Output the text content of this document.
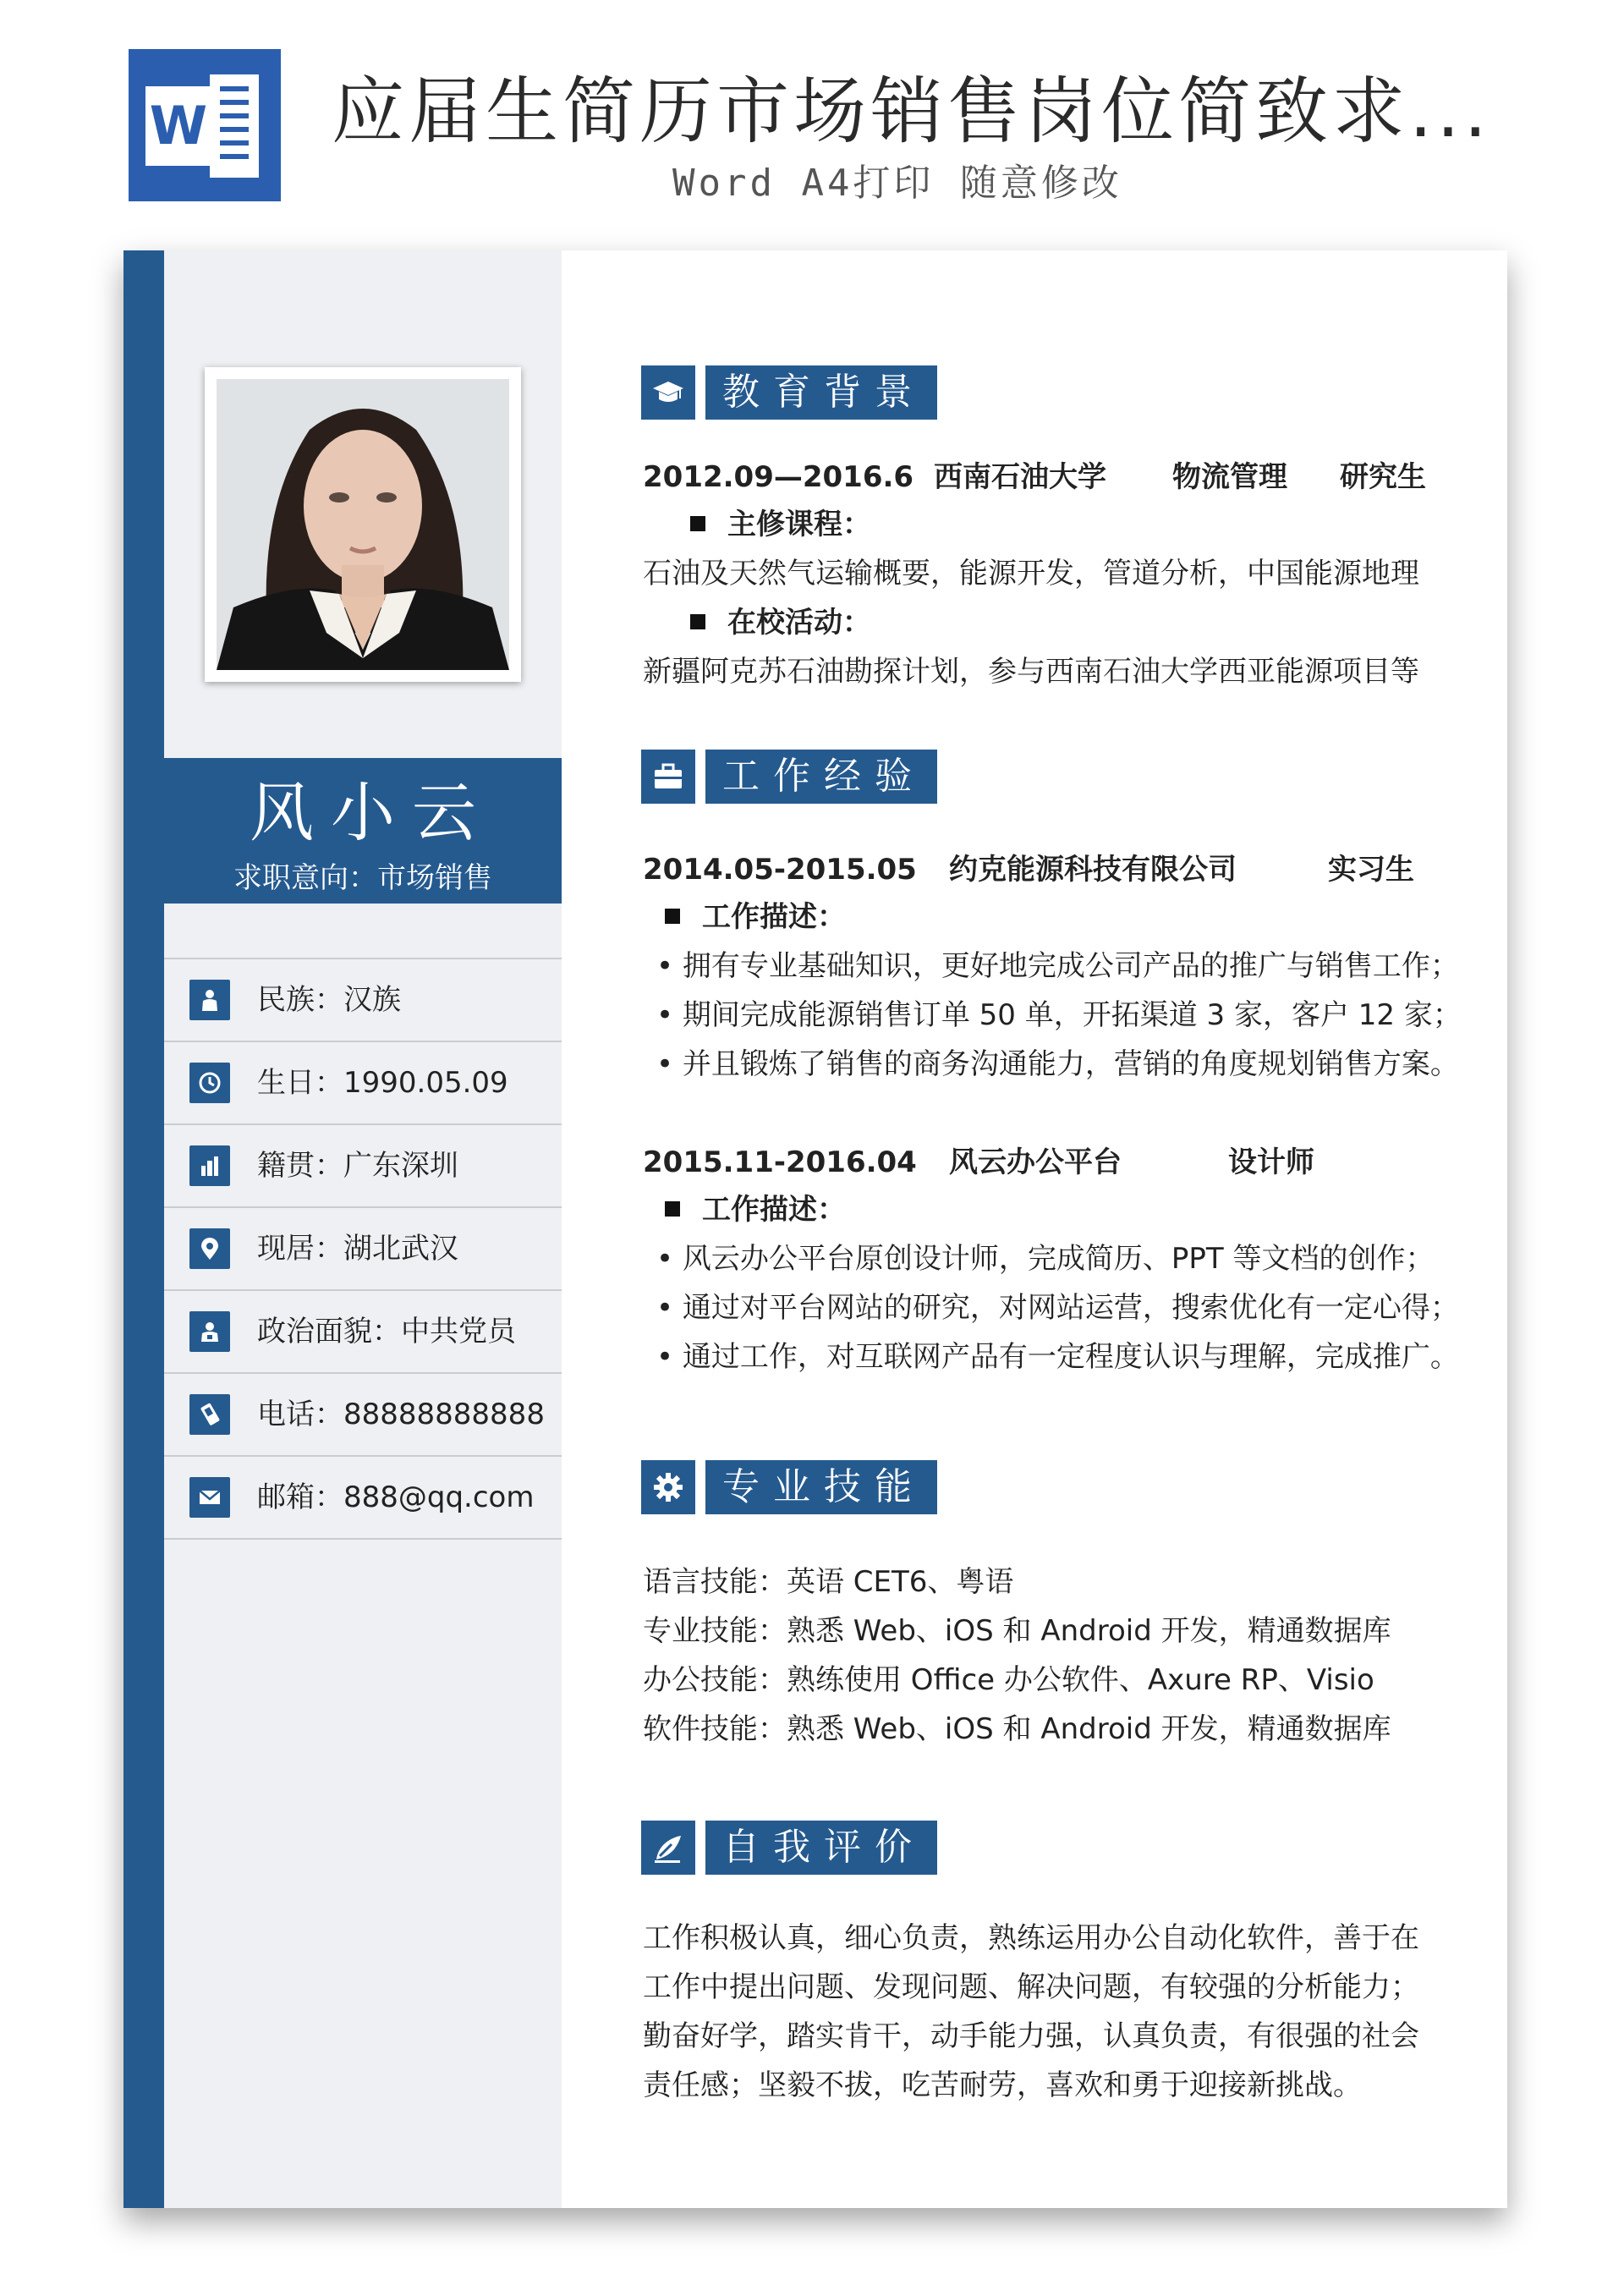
W 应届生简历市场销售岗位简致求...
Word A4打印 随意修改
风小云
求职意向：市场销售
民族：汉族
生日：1990.05.09
籍贯：广东深圳
现居：湖北武汉
政治面貌：中共党员
电话：88888888888
邮箱：888@qq.com
教育背景
2012.09—2016.6 西南石油大学 物流管理 研究生
主修课程：
石油及天然气运输概要，能源开发，管道分析，中国能源地理
在校活动：
新疆阿克苏石油勘探计划，参与西南石油大学西亚能源项目等
工作经验
2014.05-2015.05 约克能源科技有限公司	实习生
工作描述：
• 拥有专业基础知识，更好地完成公司产品的推广与销售工作；
• 期间完成能源销售订单 50 单，开拓渠道 3 家，客户 12 家；
• 并且锻炼了销售的商务沟通能力，营销的角度规划销售方案。
2015.11-2016.04 风云办公平台	设计师
工作描述：
• 风云办公平台原创设计师，完成简历、PPT 等文档的创作；
• 通过对平台网站的研究，对网站运营，搜索优化有一定心得；
• 通过工作，对互联网产品有一定程度认识与理解，完成推广。
专业技能
语言技能：英语 CET6、粤语
专业技能：熟悉 Web、iOS 和 Android 开发，精通数据库
办公技能：熟练使用 Office 办公软件、Axure RP、Visio
软件技能：熟悉 Web、iOS 和 Android 开发，精通数据库
自我评价
工作积极认真，细心负责，熟练运用办公自动化软件，善于在工作中提出问题、发现问题、解决问题，有较强的分析能力；勤奋好学，踏实肯干，动手能力强，认真负责，有很强的社会责任感；坚毅不拔，吃苦耐劳，喜欢和勇于迎接新挑战。
